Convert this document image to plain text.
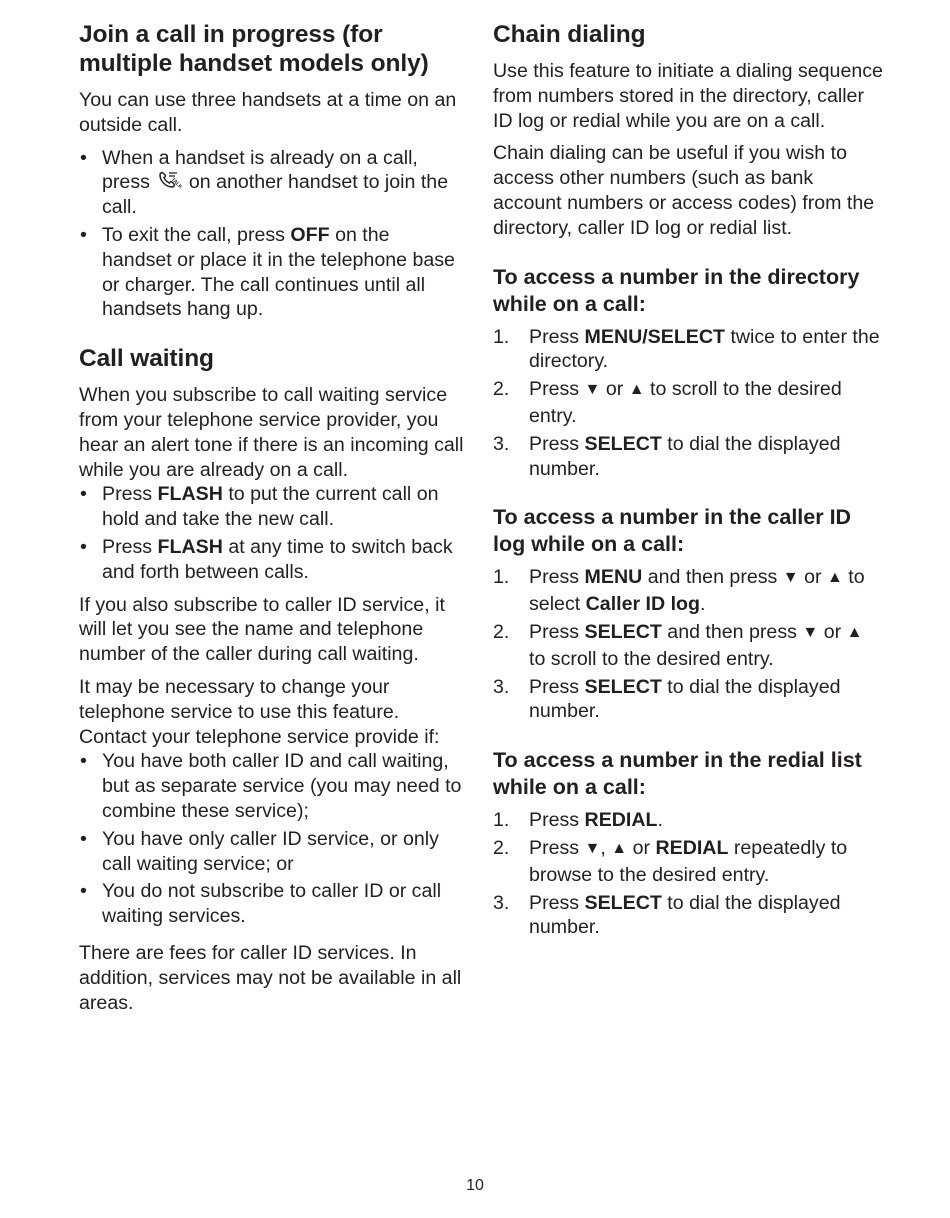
Join a call in progress (for multiple handset models only)

You can use three handsets at a time on an outside call.

• When a handset is already on a call, press	TALK on another handset to join the call.
• To exit the call, press OFF on the handset or place it in the telephone base or charger. The call continues until all handsets hang up.
Call waiting

When you subscribe to call waiting service from your telephone service provider, you hear an alert tone if there is an incoming call while you are already on a call.

• Press FLASH to put the current call on hold and take the new call.
• Press FLASH at any time to switch back and forth between calls.

If you also subscribe to caller ID service, it will let you see the name and telephone number of the caller during call waiting.

It may be necessary to change your telephone service to use this feature. Contact your telephone service provide if:

• You have both caller ID and call waiting, but as separate service (you may need to combine these service);
• You have only caller ID service, or only call waiting service; or
• You do not subscribe to caller ID or call waiting services.

There are fees for caller ID services. In addition, services may not be available in all areas.

Chain dialing

Use this feature to initiate a dialing sequence from numbers stored in the directory, caller ID log or redial while you are on a call.

Chain dialing can be useful if you wish to access other numbers (such as bank account numbers or access codes) from the directory, caller ID log or redial list.

To access a number in the directory while on a call:
1. Press MENU/SELECT twice to enter the directory.
2. Press ▼ or ▲ to scroll to the desired entry.
3. Press SELECT to dial the displayed number.
To access a number in the caller ID log while on a call:
1. Press MENU and then press ▼ or ▲ to select Caller ID log.
2. Press SELECT and then press ▼ or ▲ to scroll to the desired entry.
3. Press SELECT to dial the displayed number.
To access a number in the redial list while on a call:
1. Press REDIAL.
2. Press ▼, ▲ or REDIAL repeatedly to browse to the desired entry.
3. Press SELECT to dial the displayed number.
10
